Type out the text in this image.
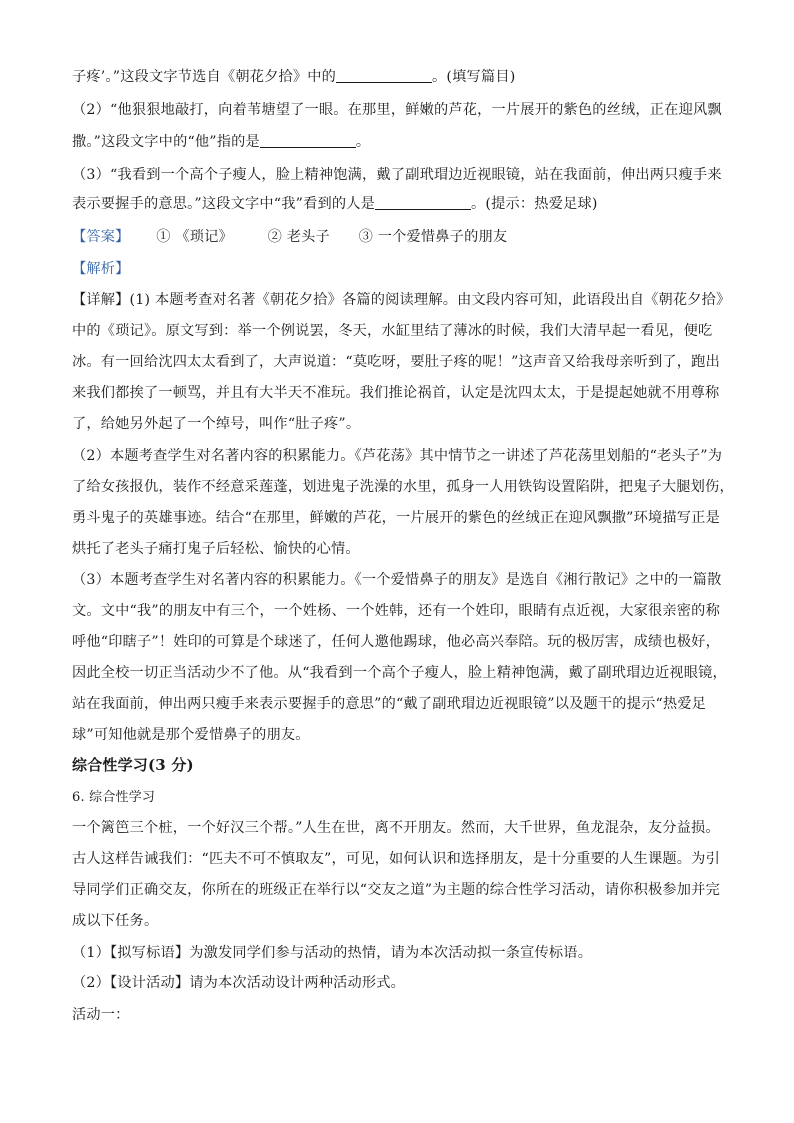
子疼’。”这段文字节选自《朝花夕拾》中的	。(填写篇目)
（2）“他狠狠地敲打，向着苇塘望了一眼。在那里，鲜嫩的芦花，一片展开的紫色的丝绒，正在迎风飘
撒。”这段文字中的“他”指的是	。
（3）“我看到一个高个子瘦人，脸上精神饱满，戴了副玳瑁边近视眼镜，站在我面前，伸出两只瘦手来
表示要握手的意思。”这段文字中“我”看到的人是	。(提示：热爱足球)
【答案】 ① 《琐记》 ② 老头子 ③ 一个爱惜鼻子的朋友
【解析】
【详解】(1) 本题考查对名著《朝花夕拾》各篇的阅读理解。由文段内容可知，此语段出自《朝花夕拾》
中的《琐记》。原文写到：举一个例说罢，冬天，水缸里结了薄冰的时候，我们大清早起一看见，便吃
冰。有一回给沈四太太看到了，大声说道：“莫吃呀，要肚子疼的呢！”这声音又给我母亲听到了，跑出
来我们都挨了一顿骂，并且有大半天不准玩。我们推论祸首，认定是沈四太太，于是提起她就不用尊称
了，给她另外起了一个绰号，叫作“肚子疼”。
（2）本题考查学生对名著内容的积累能力。《芦花荡》其中情节之一讲述了芦花荡里划船的“老头子”为
了给女孩报仇，装作不经意采莲蓬，划进鬼子洗澡的水里，孤身一人用铁钩设置陷阱，把鬼子大腿划伤，
勇斗鬼子的英雄事迹。结合“在那里，鲜嫩的芦花，一片展开的紫色的丝绒正在迎风飘撒”环境描写正是
烘托了老头子痛打鬼子后轻松、愉快的心情。
（3）本题考查学生对名著内容的积累能力。《一个爱惜鼻子的朋友》是选自《湘行散记》之中的一篇散
文。文中“我”的朋友中有三个，一个姓杨、一个姓韩，还有一个姓印，眼睛有点近视，大家很亲密的称
呼他“印瞎子”！姓印的可算是个球迷了，任何人邀他踢球，他必高兴奉陪。玩的极厉害，成绩也极好，
因此全校一切正当活动少不了他。从“我看到一个高个子瘦人，脸上精神饱满，戴了副玳瑁边近视眼镜，
站在我面前，伸出两只瘦手来表示要握手的意思”的“戴了副玳瑁边近视眼镜”以及题干的提示“热爱足
球”可知他就是那个爱惜鼻子的朋友。
综合性学习(3 分)
6. 综合性学习
一个篱笆三个桩，一个好汉三个帮。”人生在世，离不开朋友。然而，大千世界，鱼龙混杂，友分益损。
古人这样告诫我们：“匹夫不可不慎取友”，可见，如何认识和选择朋友，是十分重要的人生课题。为引
导同学们正确交友，你所在的班级正在举行以“交友之道”为主题的综合性学习活动，请你积极参加并完
成以下任务。
（1）【拟写标语】为激发同学们参与活动的热情，请为本次活动拟一条宣传标语。
（2）【设计活动】请为本次活动设计两种活动形式。
活动一：
